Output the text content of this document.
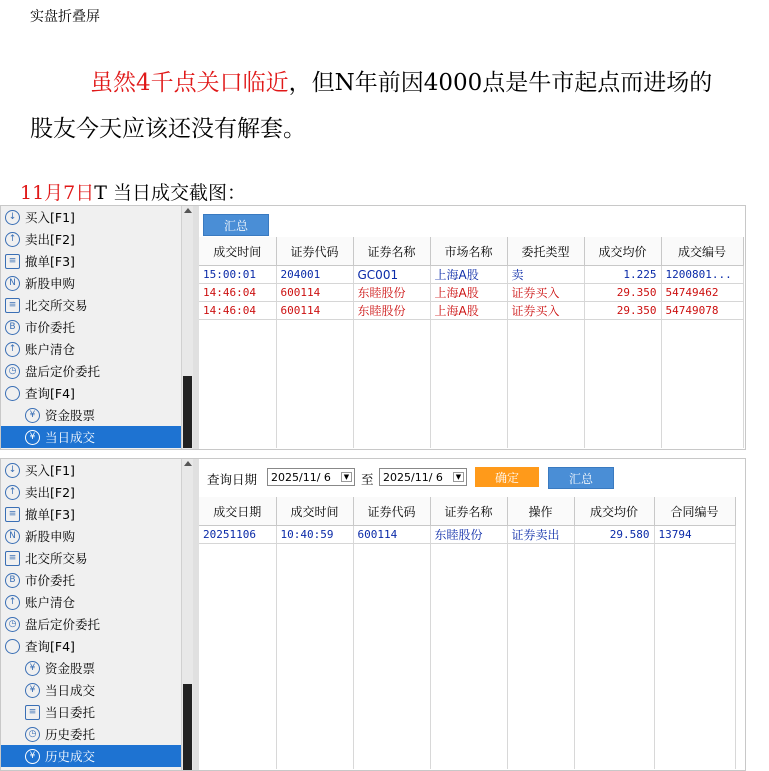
实盘折叠屏
虽然4千点关口临近，但N年前因4000点是牛市起点而进场的股友今天应该还没有解套。
11月7日T 当日成交截图：
↓ 买入[F1]
↑ 卖出[F2]
≡ 撤单[F3]
N 新股申购
≡ 北交所交易
B 市价委托
↑ 账户清仓
◷ 盘后定价委托
查询[F4]
¥ 资金股票
¥ 当日成交
汇总
成交时间	证券代码	证券名称	市场名称	委托类型	成交均价	成交编号
15:00:01	204001	GC001	上海A股	卖	1.225	1200801...
14:46:04	600114	东睦股份	上海A股	证券买入	29.350	54749462
14:46:04	600114	东睦股份	上海A股	证券买入	29.350	54749078

↓ 买入[F1]
↑ 卖出[F2]
≡ 撤单[F3]
N 新股申购
≡ 北交所交易
B 市价委托
↑ 账户清仓
◷ 盘后定价委托
查询[F4]
¥ 资金股票
¥ 当日成交
≡ 当日委托
◷ 历史委托
¥ 历史成交
查询日期 2025/11/ 6	▼ 至 2025/11/ 6	▼	确定	汇总
成交日期	成交时间	证券代码	证券名称	操作	成交均价	合同编号
20251106	10:40:59	600114	东睦股份	证券卖出	29.580	13794
